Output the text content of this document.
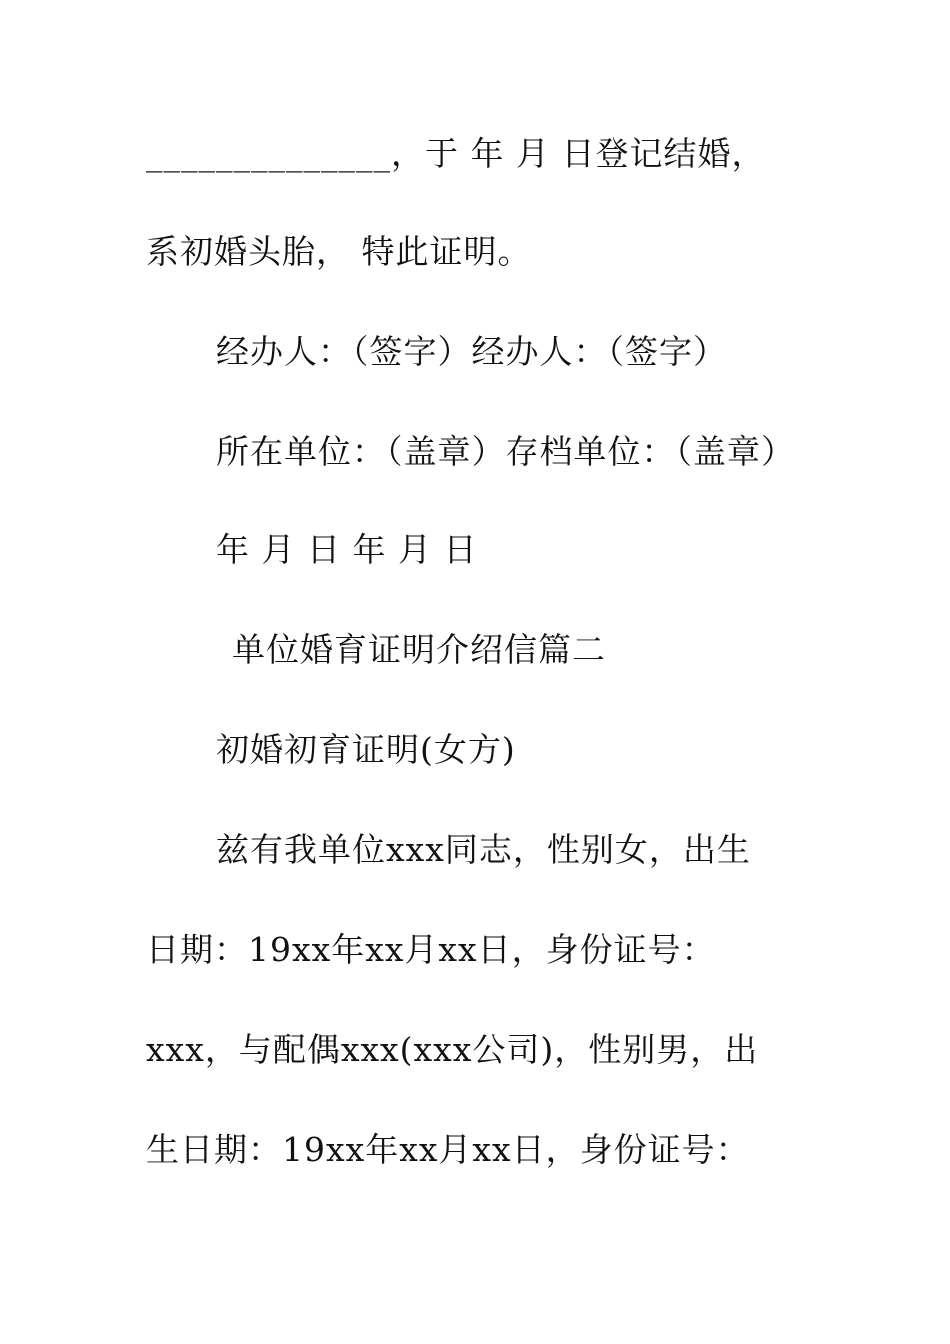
______________，于 年 月 日登记结婚，
系初婚头胎， 特此证明。
经办人：（签字）经办人：（签字）
所在单位：（盖章）存档单位：（盖章）
年 月 日 年 月 日
单位婚育证明介绍信篇二
初婚初育证明(女方)
兹有我单位xxx同志，性别女，出生
日期：19xx年xx月xx日，身份证号：
xxx，与配偶xxx(xxx公司)，性别男，出
生日期：19xx年xx月xx日，身份证号：
